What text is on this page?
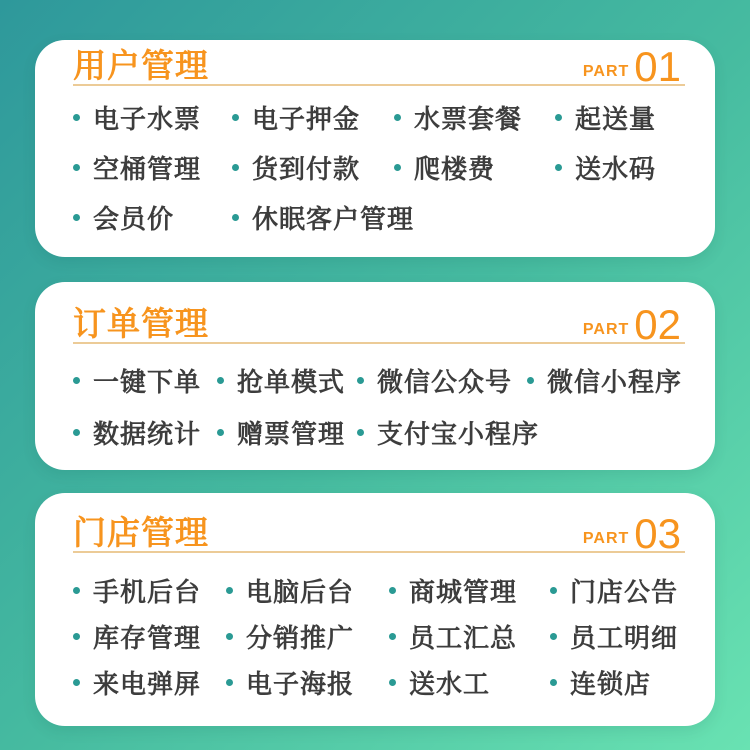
用户管理	PART 01
电子水票 电子押金 水票套餐 起送量
空桶管理 货到付款 爬楼费	送水码
会员价	休眠客户管理
订单管理	PART 02
一键下单 抢单模式 微信公众号 微信小程序
数据统计 赠票管理 支付宝小程序
门店管理	PART 03
手机后台 电脑后台 商城管理 门店公告
库存管理 分销推广 员工汇总 员工明细
来电弹屏 电子海报 送水工	连锁店
